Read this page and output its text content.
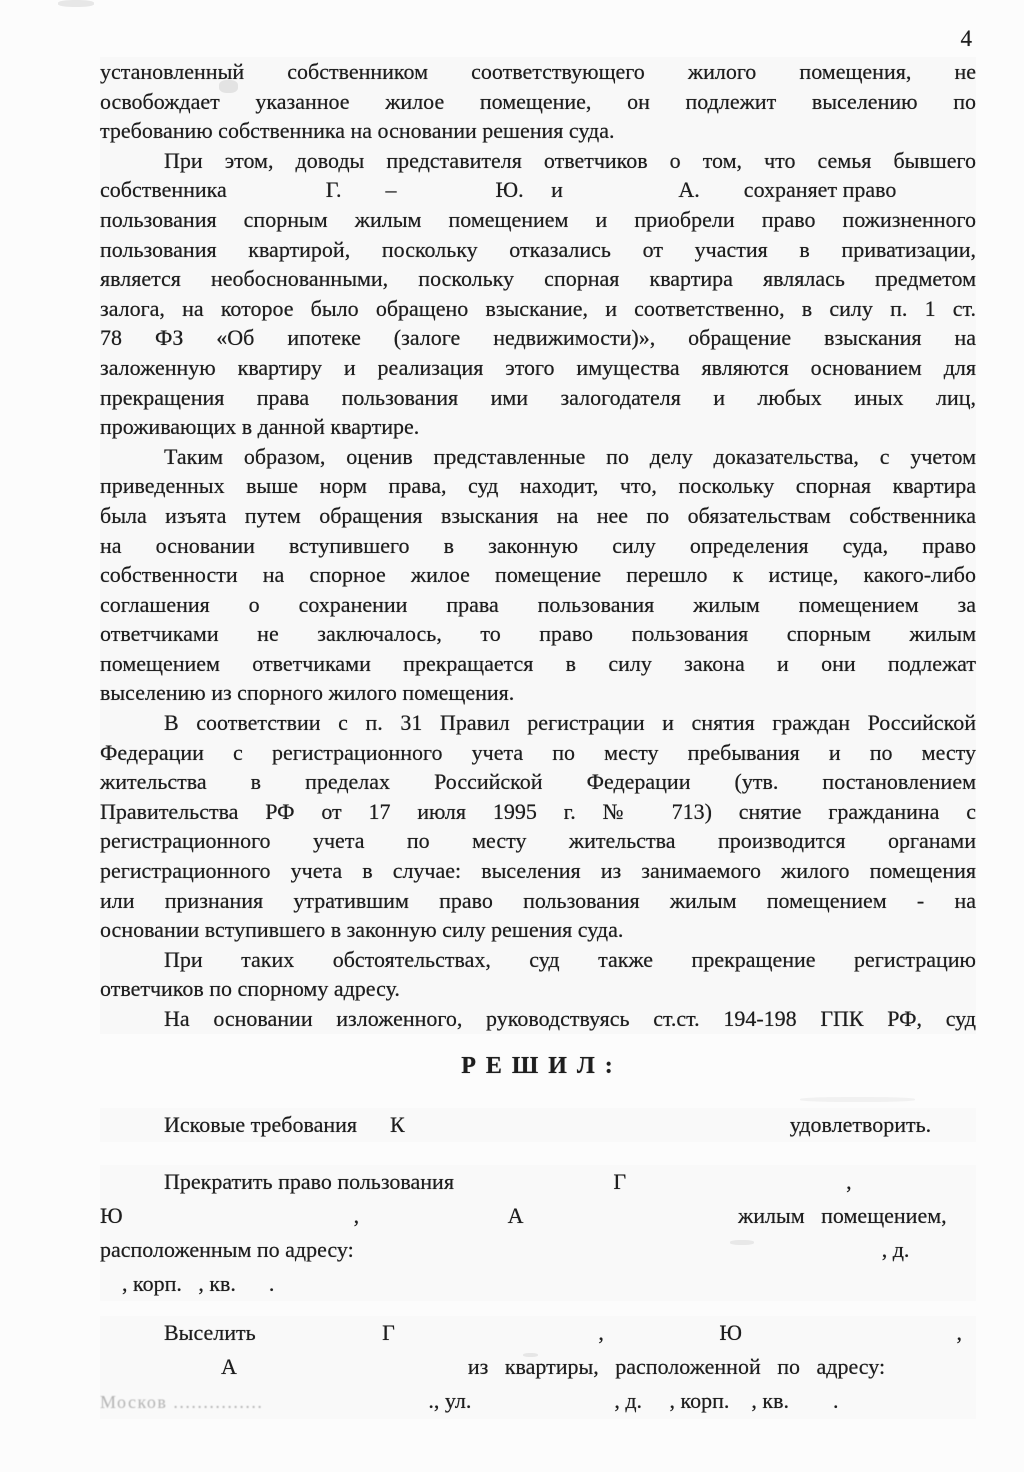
4
установленный собственником соответствующего жилого помещения, не
освобождает указанное жилое помещение, он подлежит выселению по
требованию собственника на основании решения суда.
При этом, доводы представителя ответчиков о том, что семья бывшего
собственника                  Г.        –                  Ю.     и                     А.        сохраняет право
пользования спорным жилым помещением и приобрели право пожизненного
пользования квартирой, поскольку отказались от участия в приватизации,
является необоснованными, поскольку спорная квартира являлась предметом
залога, на которое было обращено взыскание, и соответственно, в силу п. 1 ст.
78 ФЗ «Об ипотеке (залоге недвижимости)», обращение взыскания на
заложенную квартиру и реализация этого имущества являются основанием для
прекращения права пользования ими залогодателя и любых иных лиц,
проживающих в данной квартире.
Таким образом, оценив представленные по делу доказательства, с учетом
приведенных выше норм права, суд находит, что, поскольку спорная квартира
была изъята путем обращения взыскания на нее по обязательствам собственника
на основании вступившего в законную силу определения суда, право
собственности на спорное жилое помещение перешло к истице, какого-либо
соглашения о сохранении права пользования жилым помещением за
ответчиками не заключалось, то право пользования спорным жилым
помещением ответчиками прекращается в силу закона и они подлежат
выселению из спорного жилого помещения.
В соответствии с п. 31 Правил регистрации и снятия граждан Российской
Федерации с регистрационного учета по месту пребывания и по месту
жительства в пределах Российской Федерации (утв. постановлением
Правительства РФ от 17 июля 1995 г. № 713) снятие гражданина с
регистрационного учета по месту жительства производится органами
регистрационного учета в случае: выселения из занимаемого жилого помещения
или признания утратившим право пользования жилым помещением - на
основании вступившего в законную силу решения суда.
При таких обстоятельствах, суд также прекращение регистрацию
ответчиков по спорному адресу.
На основании изложенного, руководствуясь ст.ст. 194-198 ГПК РФ, суд
Р Е Ш И Л :
Исковые требования      К                                                                      удовлетворить.
Прекратить право пользования                             Г                                        ,
Ю                                          ,                           А                                       жилым   помещением,
расположенным по адресу:                                                                                                , д.
, корп.   , кв.      .
Выселить                       Г                                     ,                     Ю                                       ,
А                                          из   квартиры,   расположенной   по   адресу:
Москов ...............                              ., ул.                          , д.     , корп.    , кв.        .
